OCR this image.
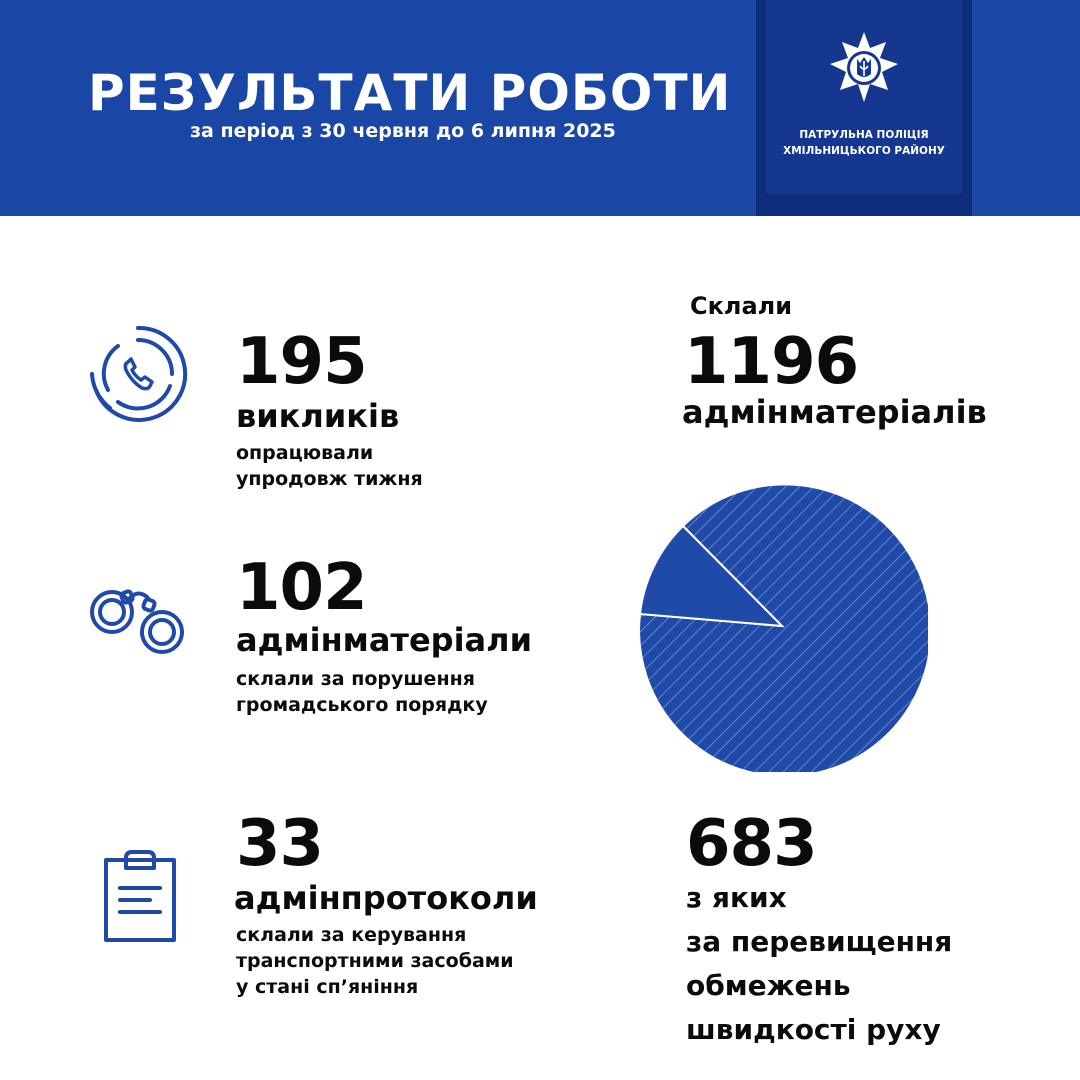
РЕЗУЛЬТАТИ РОБОТИ
за період з 30 червня до 6 липня 2025	ПАТРУЛЬНА ПОЛІЦІЯ
ХМІЛЬНИЦЬКОГО РАЙОНУ
195
викликів
опрацювали
упродовж тижня
102
адмінматеріали
склали за порушення
громадського порядку
33
адмінпротоколи
склали за керування
транспортними засобами
у стані сп’яніння
Склали
1196
адмінматеріалів
683
з яких
за перевищення
обмежень
швидкості руху
